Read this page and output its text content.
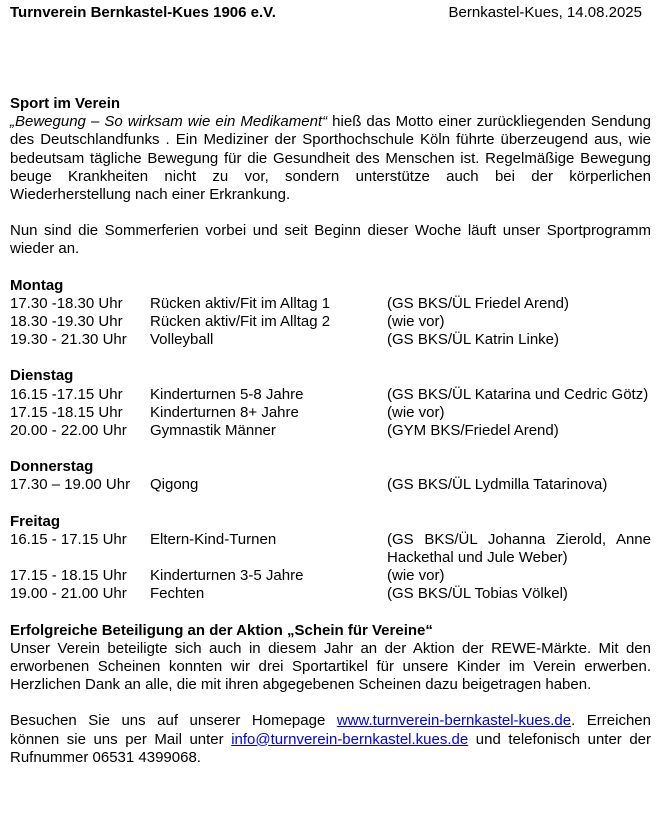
Turnverein Bernkastel-Kues 1906 e.V.	Bernkastel-Kues, 14.08.2025
Sport im Verein

„Bewegung – So wirksam wie ein Medikament“ hieß das Motto einer zurückliegenden Sendung des Deutschlandfunks . Ein Mediziner der Sporthochschule Köln führte überzeugend aus, wie bedeutsam tägliche Bewegung für die Gesundheit des Menschen ist. Regelmäßige Bewegung beuge Krankheiten nicht zu vor, sondern unterstütze auch bei der körperlichen Wiederherstellung nach einer Erkrankung.

Nun sind die Sommerferien vorbei und seit Beginn dieser Woche läuft unser Sportprogramm wieder an.

Montag
17.30 -18.30 Uhr Rücken aktiv/Fit im Alltag 1	(GS BKS/ÜL Friedel Arend)
18.30 -19.30 Uhr Rücken aktiv/Fit im Alltag 2	(wie vor)
19.30 - 21.30 Uhr Volleyball	(GS BKS/ÜL Katrin Linke)
Dienstag
16.15 -17.15 Uhr Kinderturnen 5-8 Jahre	(GS BKS/ÜL Katarina und Cedric Götz)
17.15 -18.15 Uhr Kinderturnen 8+ Jahre	(wie vor)
20.00 - 22.00 Uhr Gymnastik Männer	(GYM BKS/Friedel Arend)
Donnerstag
17.30 – 19.00 Uhr Qigong	(GS BKS/ÜL Lydmilla Tatarinova)
Freitag
16.15 - 17.15 Uhr Eltern-Kind-Turnen	(GS BKS/ÜL Johanna Zierold, Anne Hackethal und Jule Weber)
17.15 - 18.15 Uhr Kinderturnen 3-5 Jahre	(wie vor)
19.00 - 21.00 Uhr Fechten	(GS BKS/ÜL Tobias Völkel)
Erfolgreiche Beteiligung an der Aktion „Schein für Vereine“

Unser Verein beteiligte sich auch in diesem Jahr an der Aktion der REWE-Märkte. Mit den erworbenen Scheinen konnten wir drei Sportartikel für unsere Kinder im Verein erwerben. Herzlichen Dank an alle, die mit ihren abgegebenen Scheinen dazu beigetragen haben.

Besuchen Sie uns auf unserer Homepage www.turnverein-bernkastel-kues.de. Erreichen können sie uns per Mail unter info@turnverein-bernkastel.kues.de und telefonisch unter der Rufnummer 06531 4399068.
